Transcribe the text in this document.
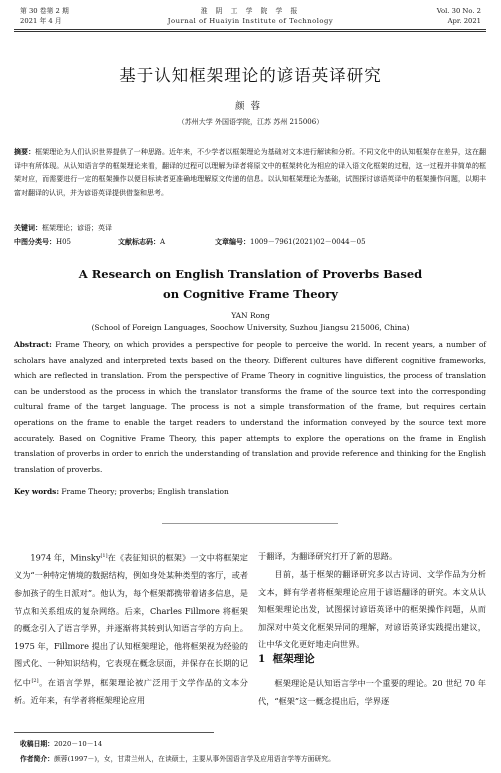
第 30 卷第 2 期
2021 年 4 月
淮 阴 工 学 院 学 报
Journal of Huaiyin Institute of Technology
Vol. 30 No. 2
Apr. 2021
基于认知框架理论的谚语英译研究
颜蓉
（苏州大学 外国语学院，江苏 苏州 215006）
摘要：框架理论为人们认识世界提供了一种思路。近年来，不少学者以框架理论为基础对文本进行解读和分析。不同文化中的认知框架存在差异，这在翻译中有所体现。从认知语言学的框架理论来看，翻译的过程可以理解为译者将原文中的框架转化为相应的译入语文化框架的过程，这一过程并非简单的框架对应，而需要进行一定的框架操作以便目标读者更准确地理解原文传递的信息。以认知框架理论为基础，试图探讨谚语英译中的框架操作问题，以期丰富对翻译的认识，并为谚语英译提供借鉴和思考。
关键词：框架理论；谚语；英译
中图分类号：H05	文献标志码：A	文章编号：1009－7961(2021)02－0044－05
A Research on English Translation of Proverbs Based
on Cognitive Frame Theory
YAN Rong
(School of Foreign Languages, Soochow University, Suzhou Jiangsu 215006, China)
Abstract: Frame Theory, on which provides a perspective for people to perceive the world. In recent years, a number of scholars have analyzed and interpreted texts based on the theory. Different cultures have different cognitive frameworks, which are reflected in translation. From the perspective of Frame Theory in cognitive linguistics, the process of translation can be understood as the process in which the translator transforms the frame of the source text into the corresponding cultural frame of the target language. The process is not a simple transformation of the frame, but requires certain operations on the frame to enable the target readers to understand the information conveyed by the source text more accurately. Based on Cognitive Frame Theory, this paper attempts to explore the operations on the frame in English translation of proverbs in order to enrich the understanding of translation and provide reference and thinking for the English translation of proverbs.
Key words: Frame Theory; proverbs; English translation
1974 年，Minsky[1]在《表征知识的框架》一文中将框架定义为“一种特定情境的数据结构，例如身处某种类型的客厅，或者参加孩子的生日派对”。他认为，每个框架都携带着诸多信息，是节点和关系组成的复杂网络。后来，Charles Fillmore 将框架的概念引入了语言学界，并逐渐将其转到认知语言学的方向上。1975 年，Fillmore 提出了认知框架理论，他将框架视为经验的图式化、一种知识结构，它表现在概念层面，并保存在长期的记忆中[2]。在语言学界，框架理论被广泛用于文学作品的文本分析。近年来，有学者将框架理论应用
于翻译，为翻译研究打开了新的思路。
目前，基于框架的翻译研究多以古诗词、文学作品为分析文本，鲜有学者将框架理论应用于谚语翻译的研究。本文从认知框架理论出发，试图探讨谚语英译中的框架操作问题，从而加深对中英文化框架异同的理解，对谚语英译实践提出建议，让中华文化更好地走向世界。
1 框架理论
框架理论是认知语言学中一个重要的理论。20 世纪 70 年代，“框架”这一概念提出后，学界逐
收稿日期：2020－10－14
作者简介：颜蓉(1997－)，女，甘肃兰州人，在读硕士，主要从事外国语言学及应用语言学等方面研究。
